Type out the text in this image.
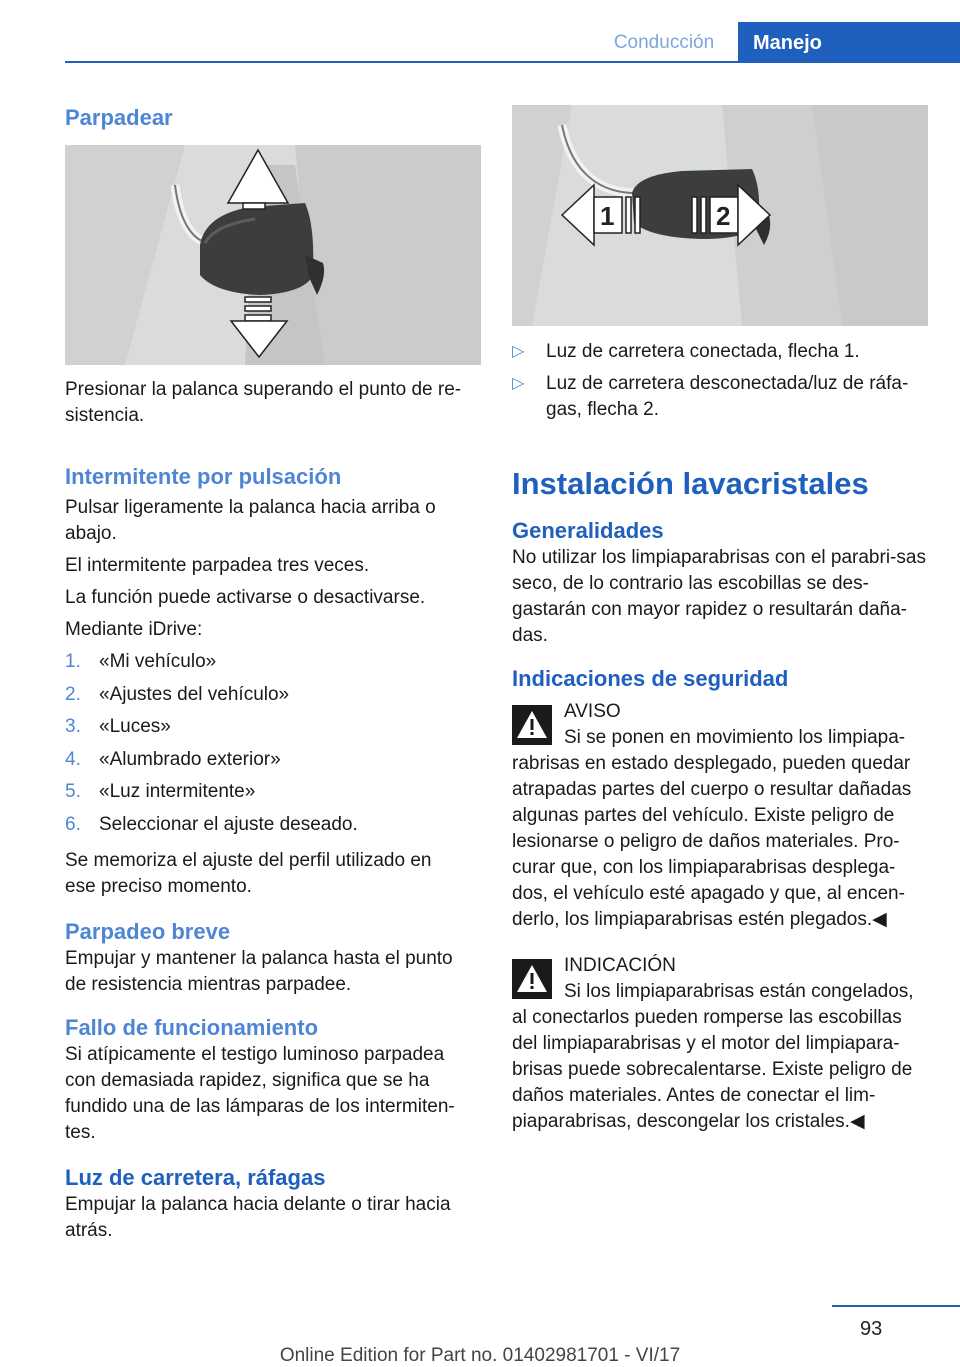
Conducción	Manejo
Parpadear

Presionar la palanca superando el punto de re‐sistencia.

Intermitente por pulsación

Pulsar ligeramente la palanca hacia arriba o abajo.

El intermitente parpadea tres veces.

La función puede activarse o desactivarse.

Mediante iDrive:

1. «Mi vehículo»
2. «Ajustes del vehículo»
3. «Luces»
4. «Alumbrado exterior»
5. «Luz intermitente»
6. Seleccionar el ajuste deseado.

Se memoriza el ajuste del perfil utilizado en ese preciso momento.

Parpadeo breve

Empujar y mantener la palanca hasta el punto de resistencia mientras parpadee.

Fallo de funcionamiento

Si atípicamente el testigo luminoso parpadea con demasiada rapidez, significa que se ha fundido una de las lámparas de los intermiten‐tes.

Luz de carretera, ráfagas

Empujar la palanca hacia delante o tirar hacia atrás.

1	2
▷ Luz de carretera conectada, flecha 1.
▷ Luz de carretera desconectada/luz de ráfa‐gas, flecha 2.
Instalación lavacristales
Generalidades

No utilizar los limpiaparabrisas con el parabri‐sas seco, de lo contrario las escobillas se des‐gastarán con mayor rapidez o resultarán daña‐das.

Indicaciones de seguridad

AVISO

Si se ponen en movimiento los limpiapa‐

rabrisas en estado desplegado, pueden quedar atrapadas partes del cuerpo o resultar dañadas algunas partes del vehículo. Existe peligro de lesionarse o peligro de daños materiales. Pro‐curar que, con los limpiaparabrisas desplega‐dos, el vehículo esté apagado y que, al encen‐derlo, los limpiaparabrisas estén plegados.◀

INDICACIÓN

Si los limpiaparabrisas están congelados,

al conectarlos pueden romperse las escobillas del limpiaparabrisas y el motor del limpiapara‐brisas puede sobrecalentarse. Existe peligro de daños materiales. Antes de conectar el lim‐piaparabrisas, descongelar los cristales.◀

93
Online Edition for Part no. 01402981701 - VI/17
